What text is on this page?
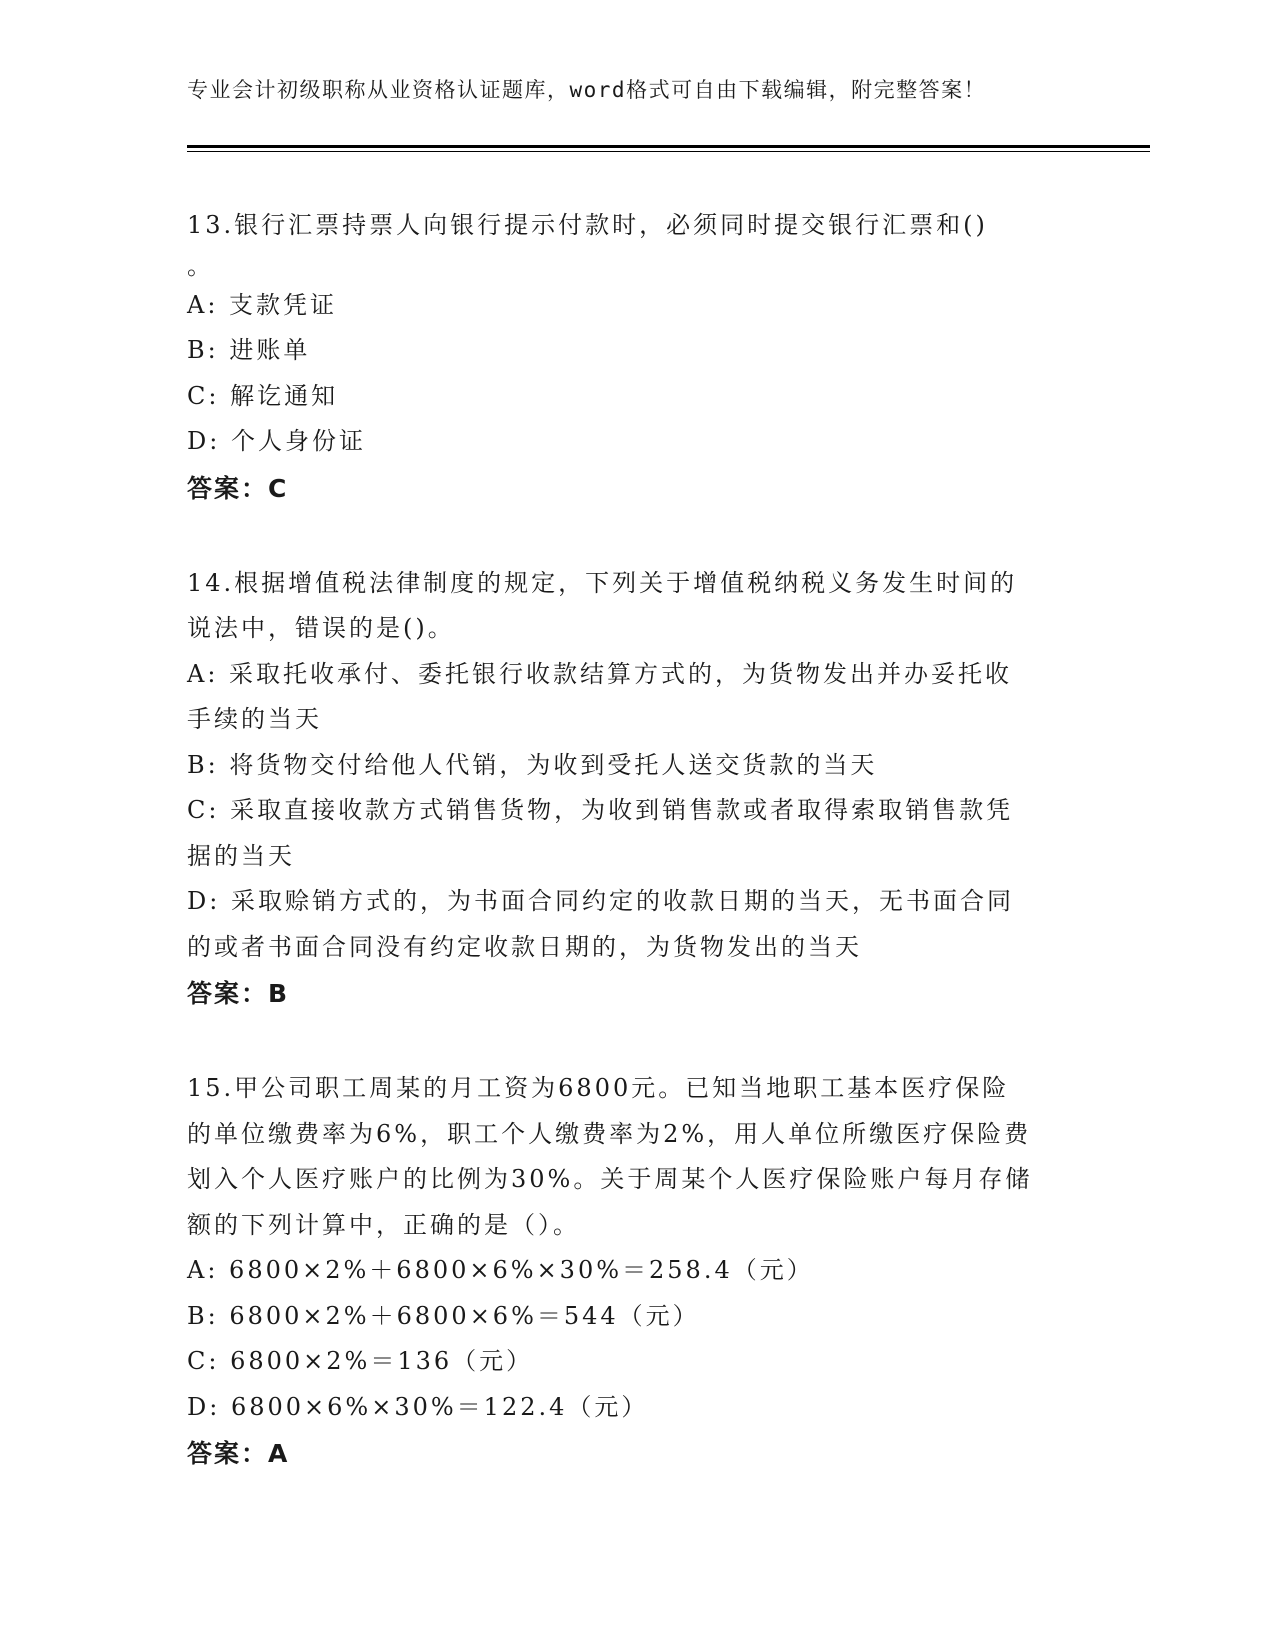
专业会计初级职称从业资格认证题库，word格式可自由下载编辑，附完整答案！
13.银行汇票持票人向银行提示付款时，必须同时提交银行汇票和()
。
A: 支款凭证
B: 进账单
C: 解讫通知
D: 个人身份证
答案：C
14.根据增值税法律制度的规定，下列关于增值税纳税义务发生时间的
说法中，错误的是()。
A: 采取托收承付、委托银行收款结算方式的，为货物发出并办妥托收
手续的当天
B: 将货物交付给他人代销，为收到受托人送交货款的当天
C: 采取直接收款方式销售货物，为收到销售款或者取得索取销售款凭
据的当天
D: 采取赊销方式的，为书面合同约定的收款日期的当天，无书面合同
的或者书面合同没有约定收款日期的，为货物发出的当天
答案：B
15.甲公司职工周某的月工资为6800元。已知当地职工基本医疗保险
的单位缴费率为6%，职工个人缴费率为2%，用人单位所缴医疗保险费
划入个人医疗账户的比例为30%。关于周某个人医疗保险账户每月存储
额的下列计算中，正确的是（）。
A: 6800×2%＋6800×6%×30%＝258.4（元）
B: 6800×2%＋6800×6%＝544（元）
C: 6800×2%＝136（元）
D: 6800×6%×30%＝122.4（元）
答案：A
